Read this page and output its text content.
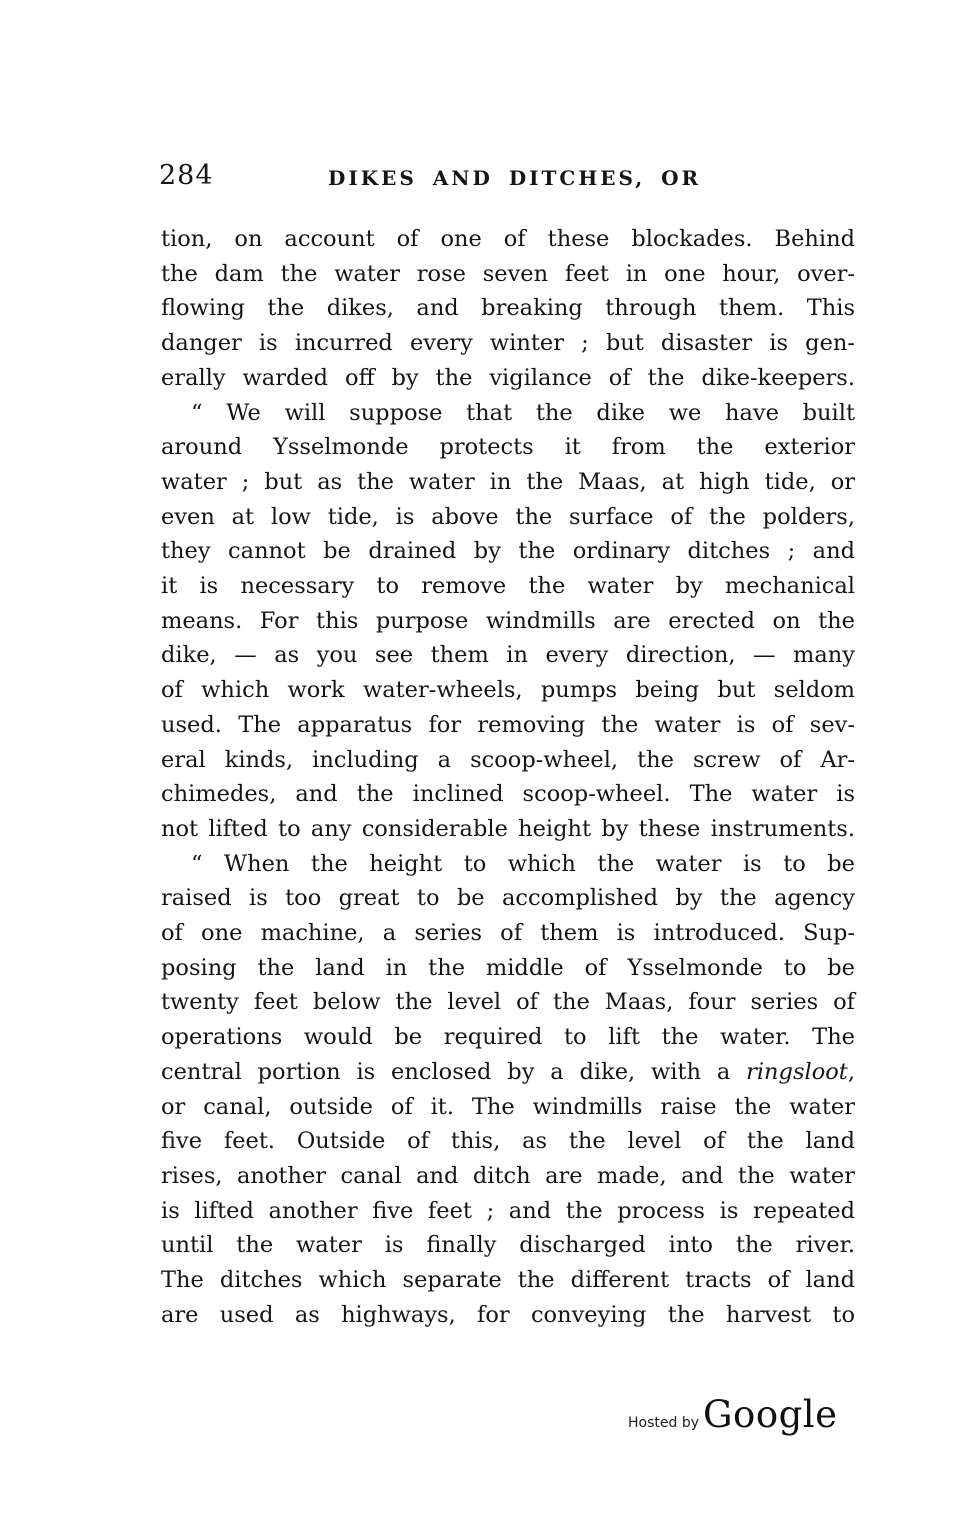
284	DIKES AND DITCHES, OR
tion, on account of one of these blockades. Behind
the dam the water rose seven feet in one hour, over-
flowing the dikes, and breaking through them. This
danger is incurred every winter ; but disaster is gen-
erally warded off by the vigilance of the dike-keepers.
“ We will suppose that the dike we have built
around Ysselmonde protects it from the exterior
water ; but as the water in the Maas, at high tide, or
even at low tide, is above the surface of the polders,
they cannot be drained by the ordinary ditches ; and
it is necessary to remove the water by mechanical
means. For this purpose windmills are erected on the
dike, — as you see them in every direction, — many
of which work water-wheels, pumps being but seldom
used. The apparatus for removing the water is of sev-
eral kinds, including a scoop-wheel, the screw of Ar-
chimedes, and the inclined scoop-wheel. The water is
not lifted to any considerable height by these instruments.
“ When the height to which the water is to be
raised is too great to be accomplished by the agency
of one machine, a series of them is introduced. Sup-
posing the land in the middle of Ysselmonde to be
twenty feet below the level of the Maas, four series of
operations would be required to lift the water. The
central portion is enclosed by a dike, with a ringsloot,
or canal, outside of it. The windmills raise the water
five feet. Outside of this, as the level of the land
rises, another canal and ditch are made, and the water
is lifted another five feet ; and the process is repeated
until the water is finally discharged into the river.
The ditches which separate the different tracts of land
are used as highways, for conveying the harvest to
Hosted by Google
